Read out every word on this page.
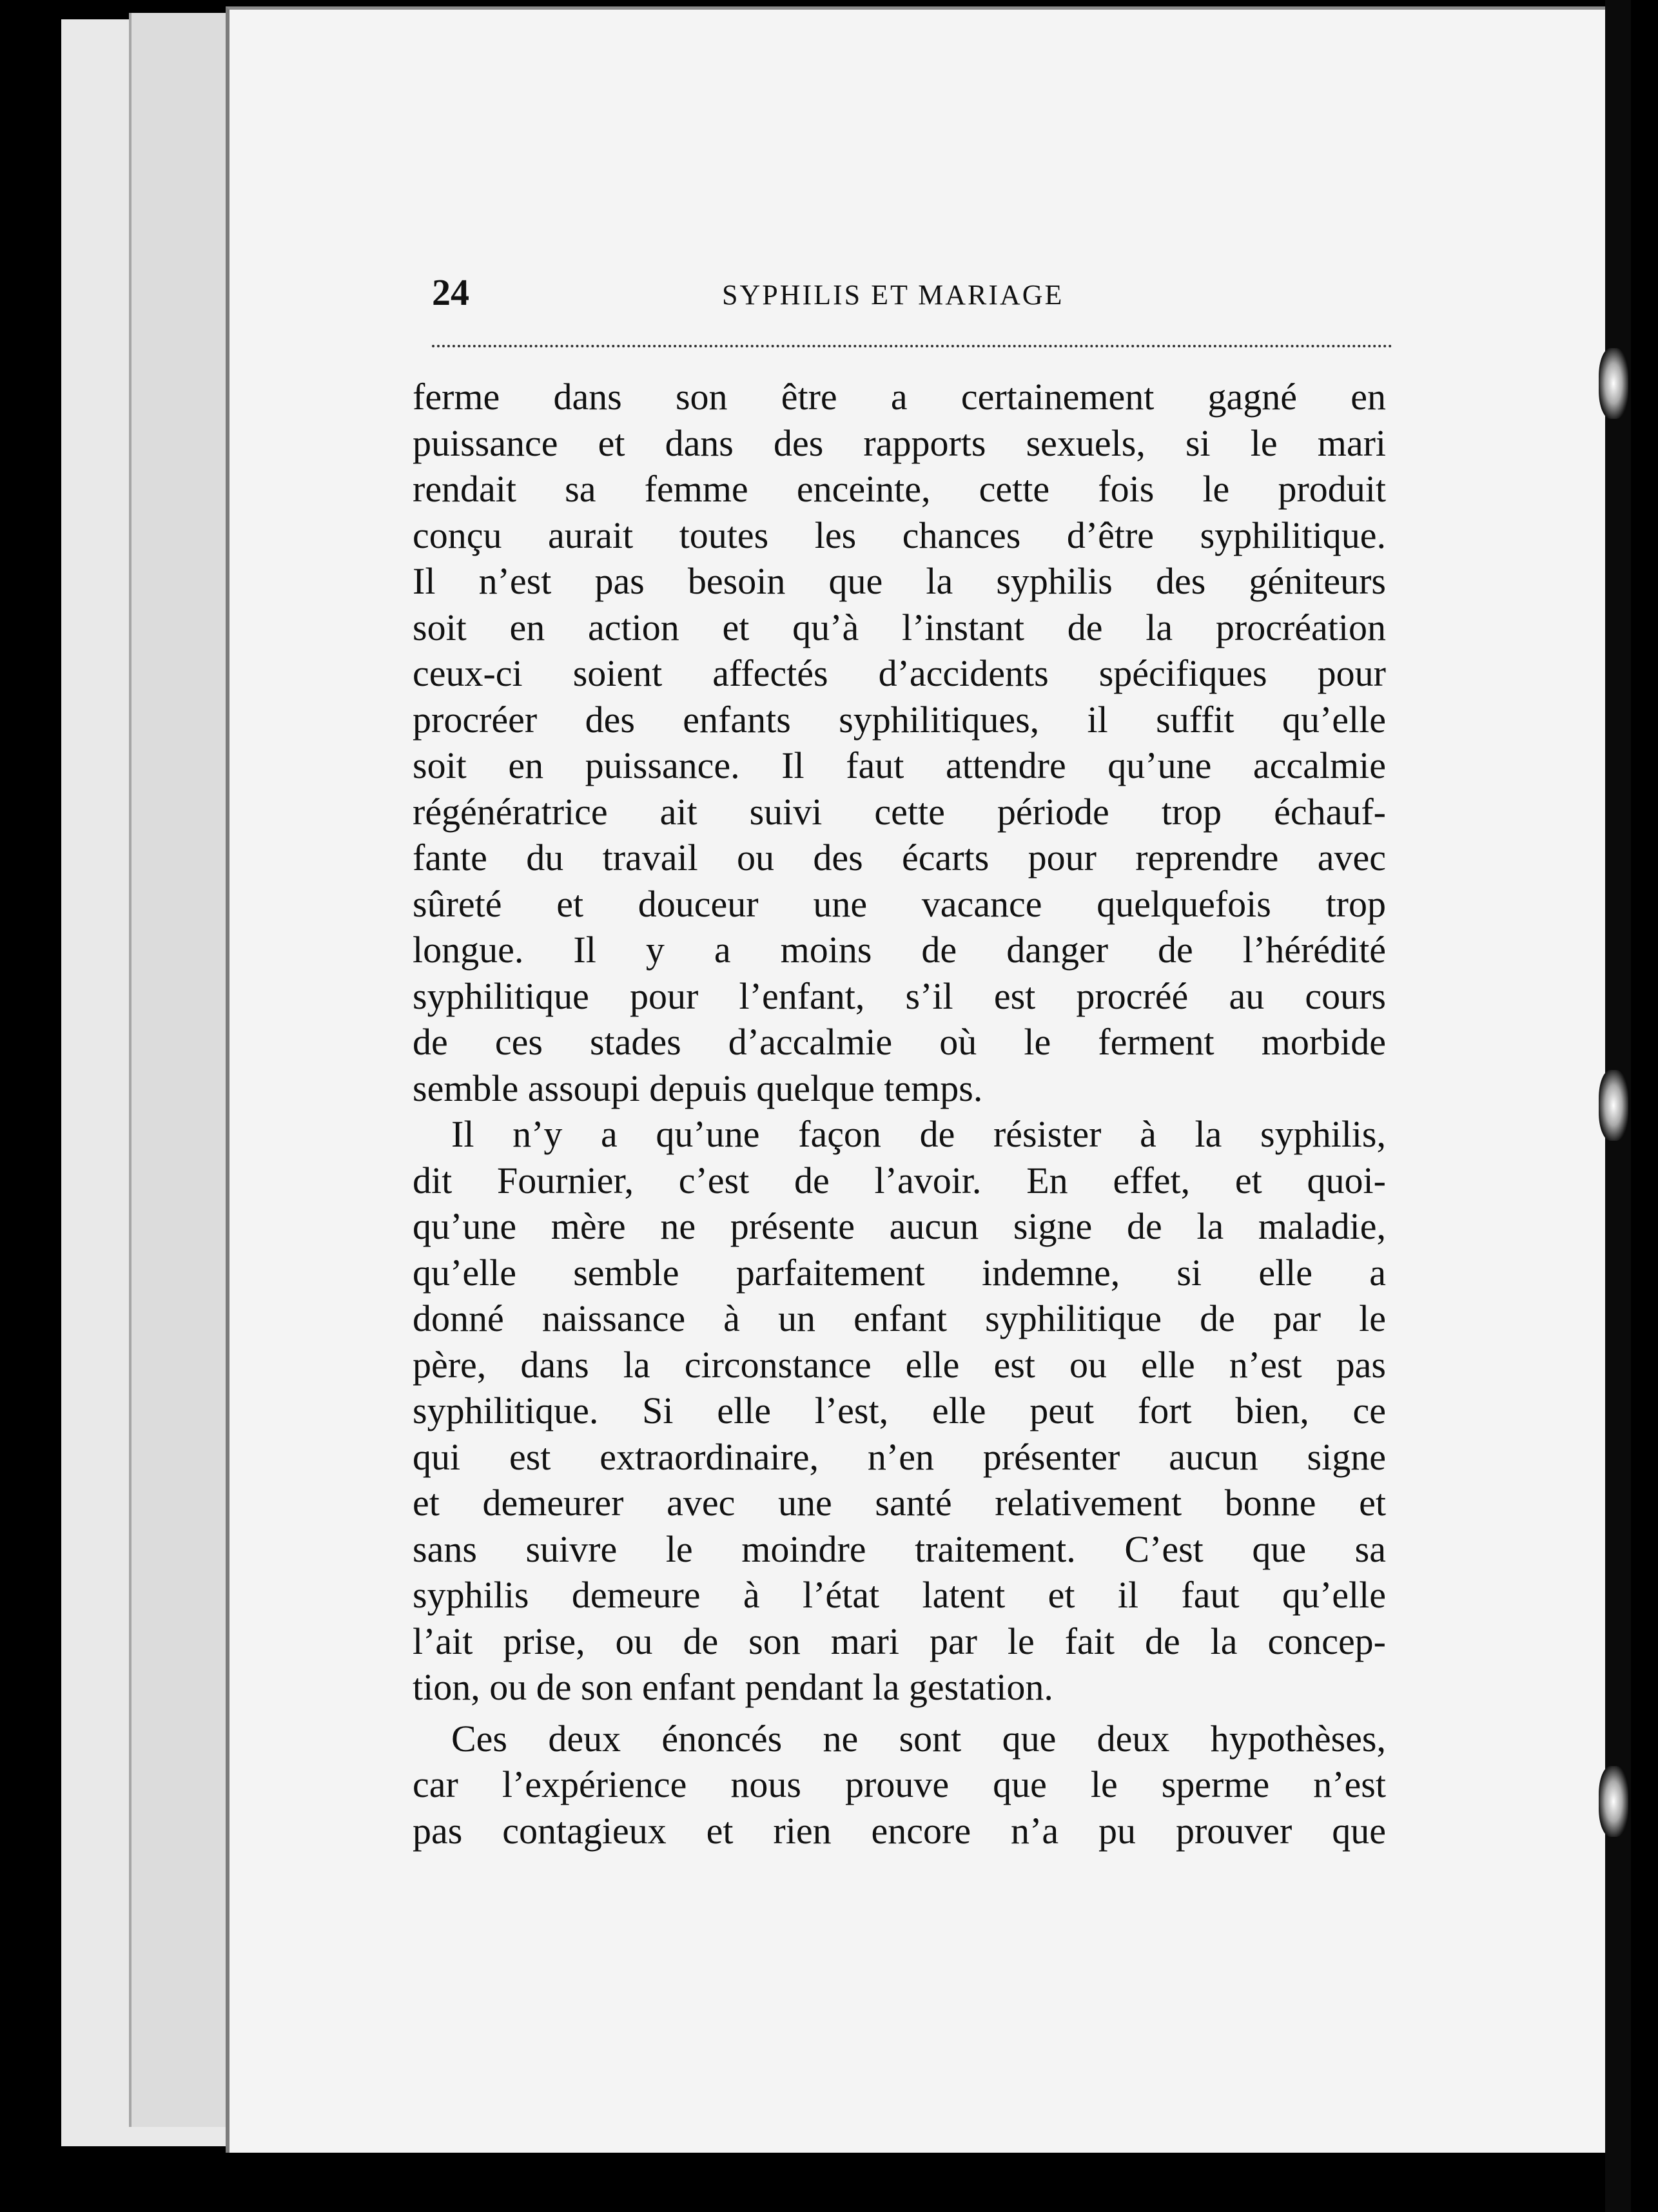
24	SYPHILIS ET MARIAGE
ferme dans son être a certainement gagné en
puissance et dans des rapports sexuels, si le mari
rendait sa femme enceinte, cette fois le produit
conçu aurait toutes les chances d’être syphilitique.
Il n’est pas besoin que la syphilis des géniteurs
soit en action et qu’à l’instant de la procréation
ceux-ci soient affectés d’accidents spécifiques pour
procréer des enfants syphilitiques, il suffit qu’elle
soit en puissance. Il faut attendre qu’une accalmie
régénératrice ait suivi cette période trop échauf-
fante du travail ou des écarts pour reprendre avec
sûreté et douceur une vacance quelquefois trop
longue. Il y a moins de danger de l’hérédité
syphilitique pour l’enfant, s’il est procréé au cours
de ces stades d’accalmie où le ferment morbide
semble assoupi depuis quelque temps.
Il n’y a qu’une façon de résister à la syphilis,
dit Fournier, c’est de l’avoir. En effet, et quoi-
qu’une mère ne présente aucun signe de la maladie,
qu’elle semble parfaitement indemne, si elle a
donné naissance à un enfant syphilitique de par le
père, dans la circonstance elle est ou elle n’est pas
syphilitique. Si elle l’est, elle peut fort bien, ce
qui est extraordinaire, n’en présenter aucun signe
et demeurer avec une santé relativement bonne et
sans suivre le moindre traitement. C’est que sa
syphilis demeure à l’état latent et il faut qu’elle
l’ait prise, ou de son mari par le fait de la concep-
tion, ou de son enfant pendant la gestation.
Ces deux énoncés ne sont que deux hypothèses,
car l’expérience nous prouve que le sperme n’est
pas contagieux et rien encore n’a pu prouver que
